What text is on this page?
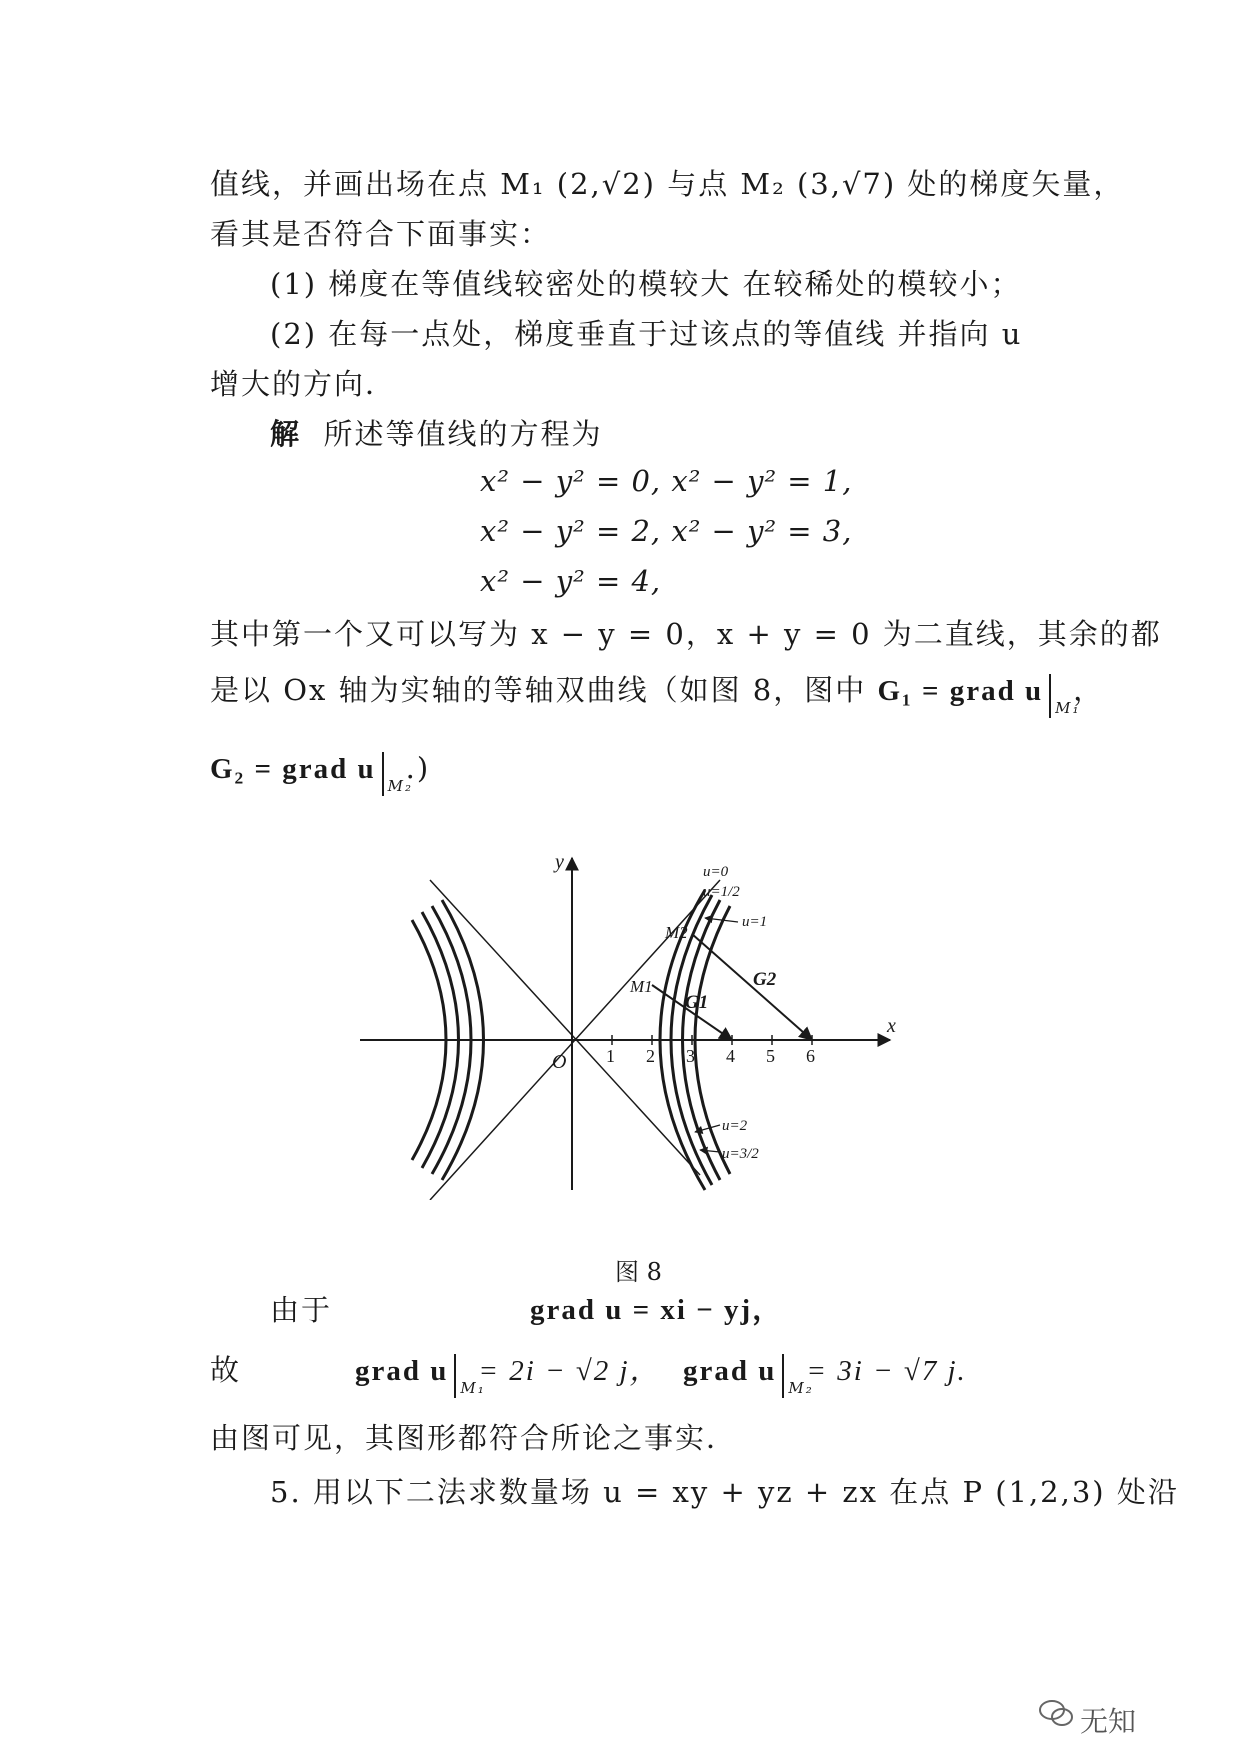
值线，并画出场在点 M₁ (2,√2) 与点 M₂ (3,√7) 处的梯度矢量，
看其是否符合下面事实：
(1) 梯度在等值线较密处的模较大 在较稀处的模较小；
(2) 在每一点处，梯度垂直于过该点的等值线 并指向 u
增大的方向．
解 所述等值线的方程为
x² − y² = 0, x² − y² = 1,
x² − y² = 2, x² − y² = 3,
x² − y² = 4,
其中第一个又可以写为 x − y = 0，x + y = 0 为二直线，其余的都
是以 Ox 轴为实轴的等轴双曲线（如图 8，图中 G₁ = grad u
M₁
，
G₂ = grad u
M₂
.)
y
x
O
u=0
u=1/2
u=1
u=2
u=3/2
M1
M2
G1
G2
1 2 3 4 5 6
图 8
由于	grad u = xi − yj，
故	grad u
M₁
= 2i − √2 j， grad u
M₂
= 3i − √7 j.
由图可见，其图形都符合所论之事实．
5. 用以下二法求数量场 u = xy + yz + zx 在点 P (1,2,3) 处沿
无知
